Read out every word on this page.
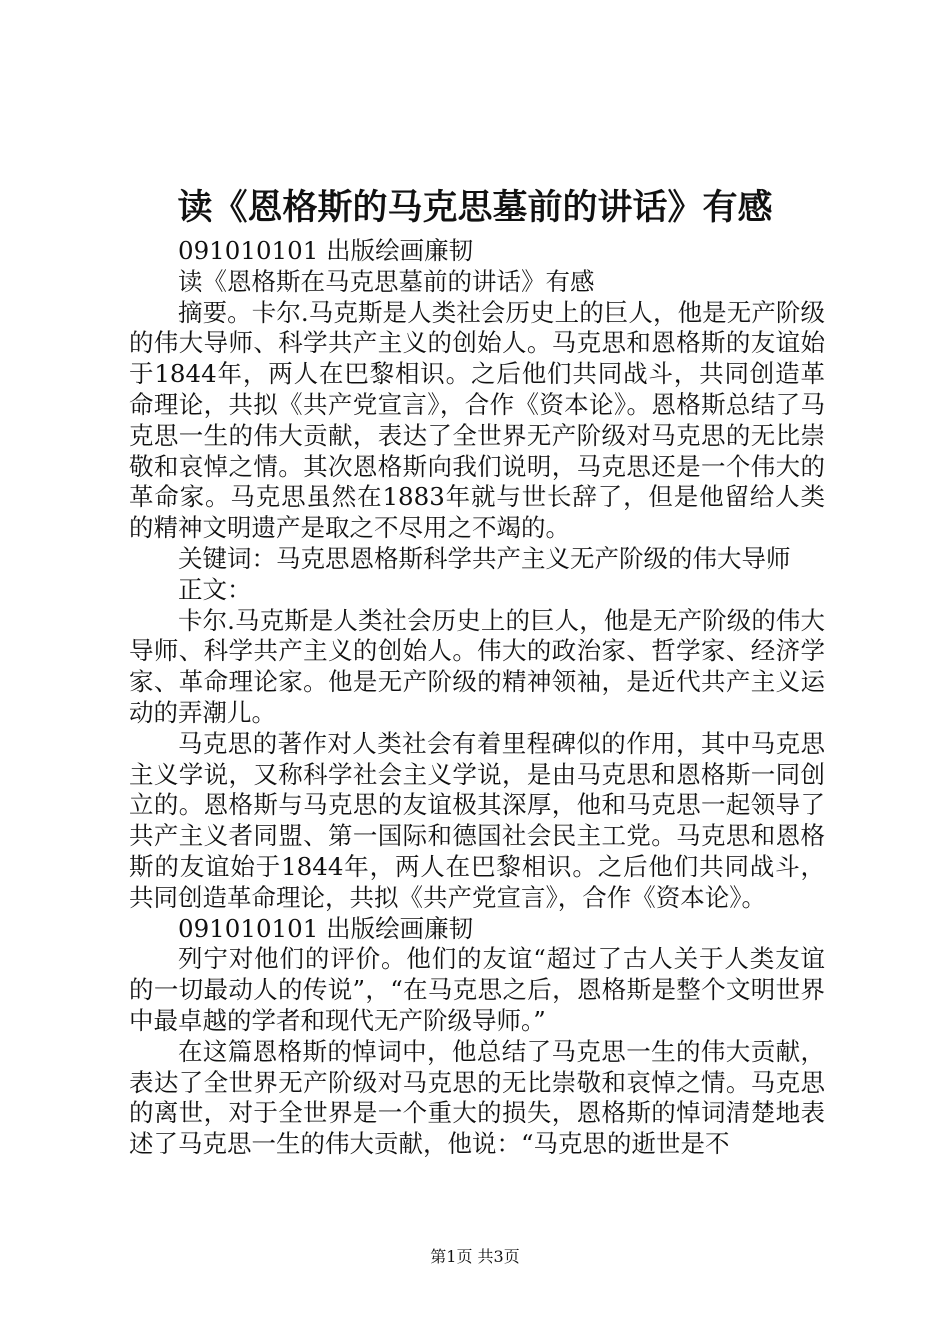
读《恩格斯的马克思墓前的讲话》有感

091010101 出版绘画廉韧

读《恩格斯在马克思墓前的讲话》有感

摘要。卡尔.马克斯是人类社会历史上的巨人，他是无产阶级的伟大导师、科学共产主义的创始人。马克思和恩格斯的友谊始于1844年，两人在巴黎相识。之后他们共同战斗，共同创造革命理论，共拟《共产党宣言》，合作《资本论》。恩格斯总结了马克思一生的伟大贡献，表达了全世界无产阶级对马克思的无比崇敬和哀悼之情。其次恩格斯向我们说明，马克思还是一个伟大的革命家。马克思虽然在1883年就与世长辞了，但是他留给人类的精神文明遗产是取之不尽用之不竭的。

关键词：马克思恩格斯科学共产主义无产阶级的伟大导师

正文：

卡尔.马克斯是人类社会历史上的巨人，他是无产阶级的伟大导师、科学共产主义的创始人。伟大的政治家、哲学家、经济学家、革命理论家。他是无产阶级的精神领袖，是近代共产主义运动的弄潮儿。

马克思的著作对人类社会有着里程碑似的作用，其中马克思主义学说，又称科学社会主义学说，是由马克思和恩格斯一同创立的。恩格斯与马克思的友谊极其深厚，他和马克思一起领导了共产主义者同盟、第一国际和德国社会民主工党。马克思和恩格斯的友谊始于1844年，两人在巴黎相识。之后他们共同战斗，共同创造革命理论，共拟《共产党宣言》，合作《资本论》。

091010101 出版绘画廉韧

列宁对他们的评价。他们的友谊“超过了古人关于人类友谊的一切最动人的传说”，“在马克思之后，恩格斯是整个文明世界中最卓越的学者和现代无产阶级导师。”

在这篇恩格斯的悼词中，他总结了马克思一生的伟大贡献，表达了全世界无产阶级对马克思的无比崇敬和哀悼之情。马克思的离世，对于全世界是一个重大的损失，恩格斯的悼词清楚地表述了马克思一生的伟大贡献，他说：“马克思的逝世是不

第1页 共3页
